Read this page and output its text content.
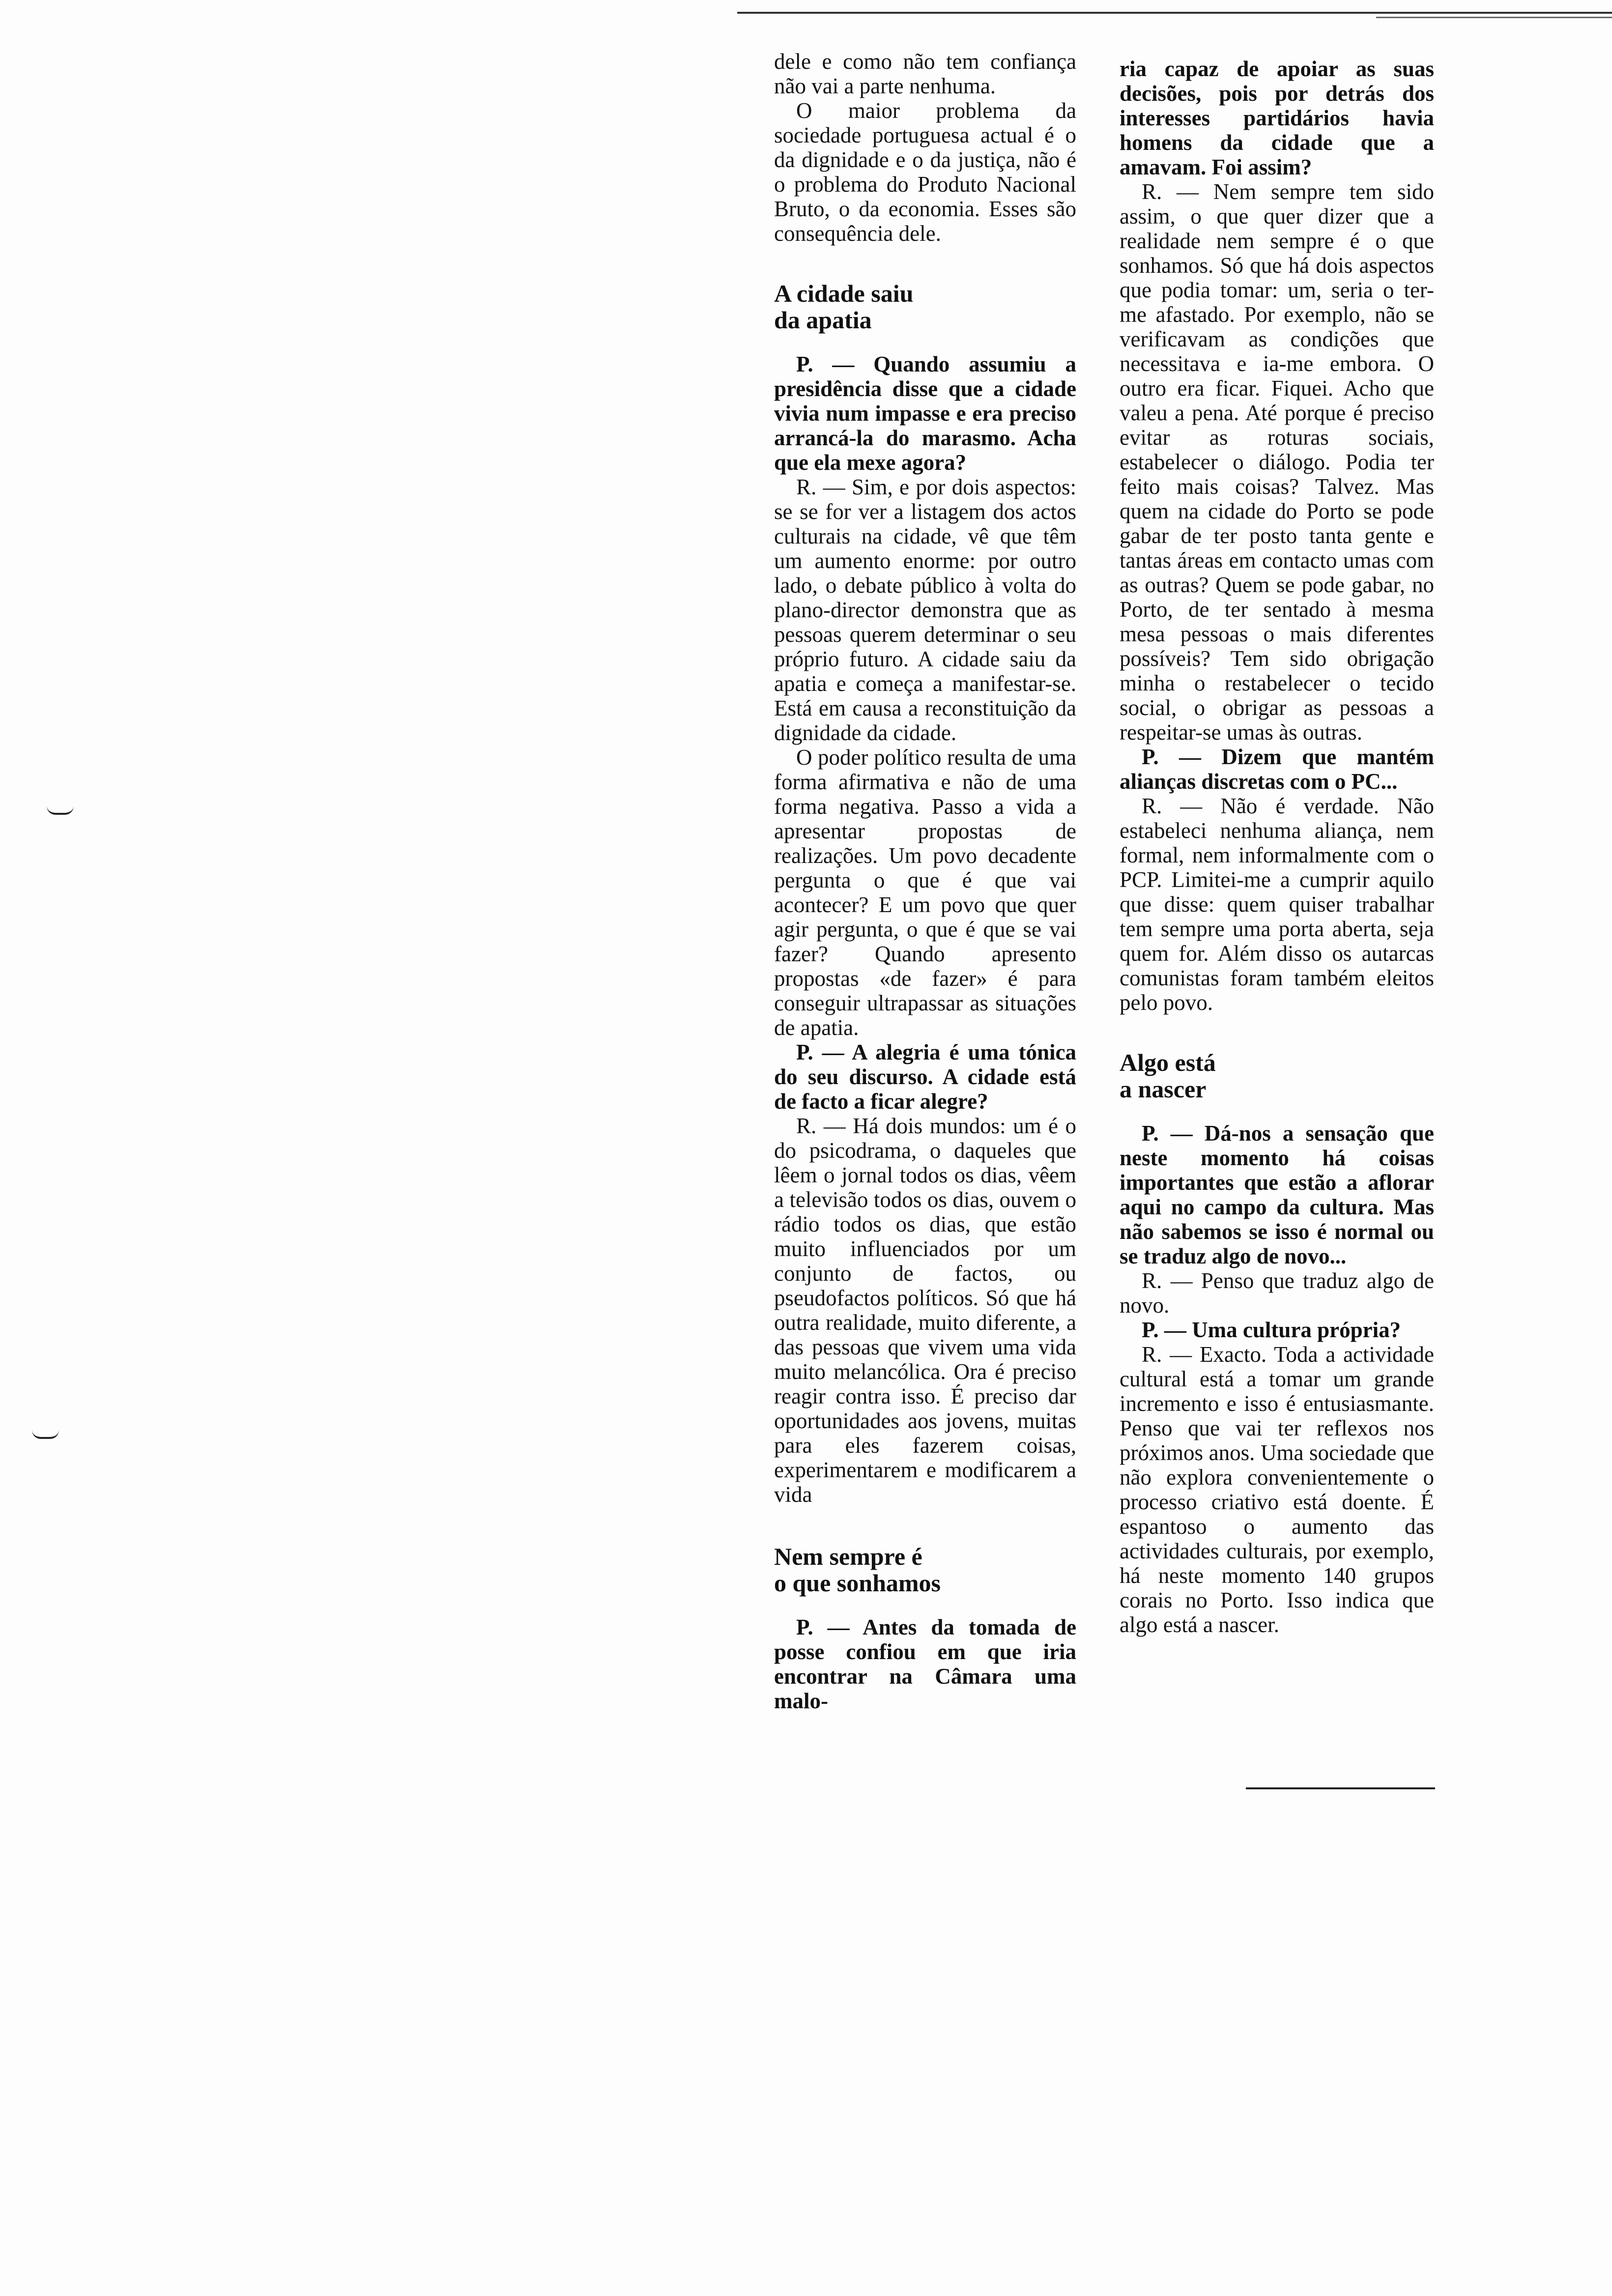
dele e como não tem confiança não vai a parte nenhuma.

O maior problema da sociedade portuguesa actual é o da dignidade e o da justiça, não é o problema do Produto Nacional Bruto, o da economia. Esses são consequência dele.

A cidade saiu
da apatia

P. — Quando assumiu a presidência disse que a cidade vivia num impasse e era preciso arrancá-la do marasmo. Acha que ela mexe agora?

R. — Sim, e por dois aspectos: se se for ver a listagem dos actos culturais na cidade, vê que têm um aumento enorme: por outro lado, o debate público à volta do plano-director demonstra que as pessoas querem determinar o seu próprio futuro. A cidade saiu da apatia e começa a manifestar-se. Está em causa a reconstituição da dignidade da cidade.

O poder político resulta de uma forma afirmativa e não de uma forma negativa. Passo a vida a apresentar propostas de realizações. Um povo decadente pergunta o que é que vai acontecer? E um povo que quer agir pergunta, o que é que se vai fazer? Quando apresento propostas «de fazer» é para conseguir ultrapassar as situações de apatia.

P. — A alegria é uma tónica do seu discurso. A cidade está de facto a ficar alegre?

R. — Há dois mundos: um é o do psicodrama, o daqueles que lêem o jornal todos os dias, vêem a televisão todos os dias, ouvem o rádio todos os dias, que estão muito influenciados por um conjunto de factos, ou pseudofactos políticos. Só que há outra realidade, muito diferente, a das pessoas que vivem uma vida muito melancólica. Ora é preciso reagir contra isso. É preciso dar oportunidades aos jovens, muitas para eles fazerem coisas, experimentarem e modificarem a vida

Nem sempre é
o que sonhamos

P. — Antes da tomada de posse confiou em que iria encontrar na Câmara uma malo-

ria capaz de apoiar as suas decisões, pois por detrás dos interesses partidários havia homens da cidade que a amavam. Foi assim?

R. — Nem sempre tem sido assim, o que quer dizer que a realidade nem sempre é o que sonhamos. Só que há dois aspectos que podia tomar: um, seria o ter-me afastado. Por exemplo, não se verificavam as condições que necessitava e ia-me embora. O outro era ficar. Fiquei. Acho que valeu a pena. Até porque é preciso evitar as roturas sociais, estabelecer o diálogo. Podia ter feito mais coisas? Talvez. Mas quem na cidade do Porto se pode gabar de ter posto tanta gente e tantas áreas em contacto umas com as outras? Quem se pode gabar, no Porto, de ter sentado à mesma mesa pessoas o mais diferentes possíveis? Tem sido obrigação minha o restabelecer o tecido social, o obrigar as pessoas a respeitar-se umas às outras.

P. — Dizem que mantém alianças discretas com o PC...

R. — Não é verdade. Não estabeleci nenhuma aliança, nem formal, nem informalmente com o PCP. Limitei-me a cumprir aquilo que disse: quem quiser trabalhar tem sempre uma porta aberta, seja quem for. Além disso os autarcas comunistas foram também eleitos pelo povo.

Algo está
a nascer

P. — Dá-nos a sensação que neste momento há coisas importantes que estão a aflorar aqui no campo da cultura. Mas não sabemos se isso é normal ou se traduz algo de novo...

R. — Penso que traduz algo de novo.

P. — Uma cultura própria?

R. — Exacto. Toda a actividade cultural está a tomar um grande incremento e isso é entusiasmante. Penso que vai ter reflexos nos próximos anos. Uma sociedade que não explora convenientemente o processo criativo está doente. É espantoso o aumento das actividades culturais, por exemplo, há neste momento 140 grupos corais no Porto. Isso indica que algo está a nascer.
